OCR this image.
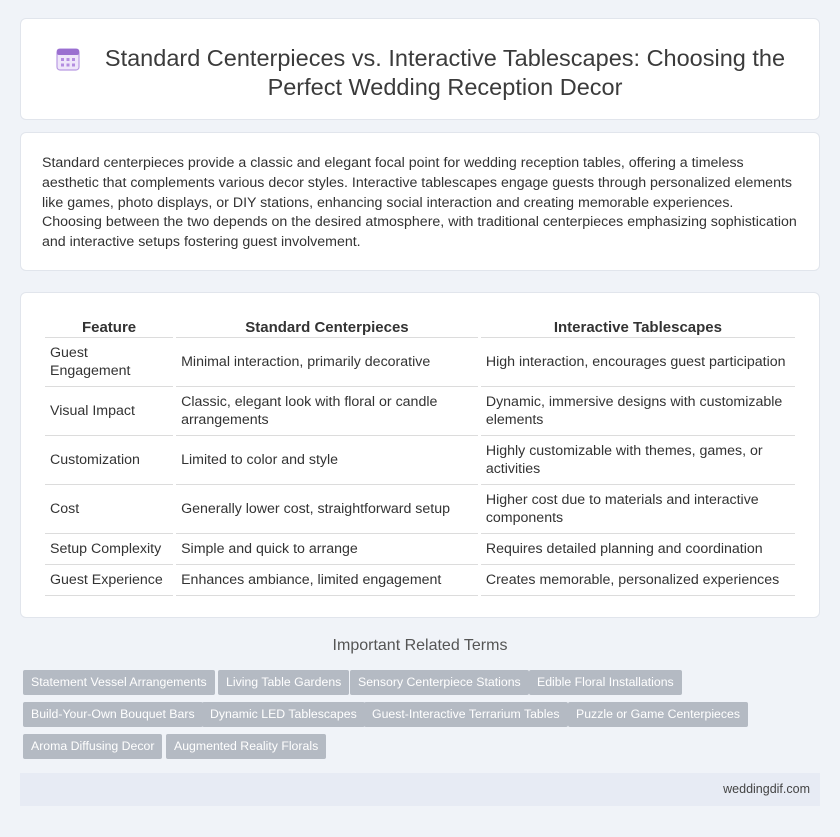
Standard Centerpieces vs. Interactive Tablescapes: Choosing the
Perfect Wedding Reception Decor

Standard centerpieces provide a classic and elegant focal point for wedding reception tables, offering a timeless aesthetic that complements various decor styles. Interactive tablescapes engage guests through personalized elements like games, photo displays, or DIY stations, enhancing social interaction and creating memorable experiences. Choosing between the two depends on the desired atmosphere, with traditional centerpieces emphasizing sophistication and interactive setups fostering guest involvement.

Feature	Standard Centerpieces	Interactive Tablescapes
Guest Engagement	Minimal interaction, primarily decorative	High interaction, encourages guest participation
Visual Impact	Classic, elegant look with floral or candle arrangements	Dynamic, immersive designs with customizable elements
Customization	Limited to color and style	Highly customizable with themes, games, or activities
Cost	Generally lower cost, straightforward setup	Higher cost due to materials and interactive components
Setup Complexity	Simple and quick to arrange	Requires detailed planning and coordination
Guest Experience	Enhances ambiance, limited engagement	Creates memorable, personalized experiences
Important Related Terms
Statement Vessel Arrangements	Living Table Gardens	Sensory Centerpiece Stations	Edible Floral Installations
Build-Your-Own Bouquet Bars	Dynamic LED Tablescapes	Guest-Interactive Terrarium Tables	Puzzle or Game Centerpieces
Aroma Diffusing Decor	Augmented Reality Florals
weddingdif.com
